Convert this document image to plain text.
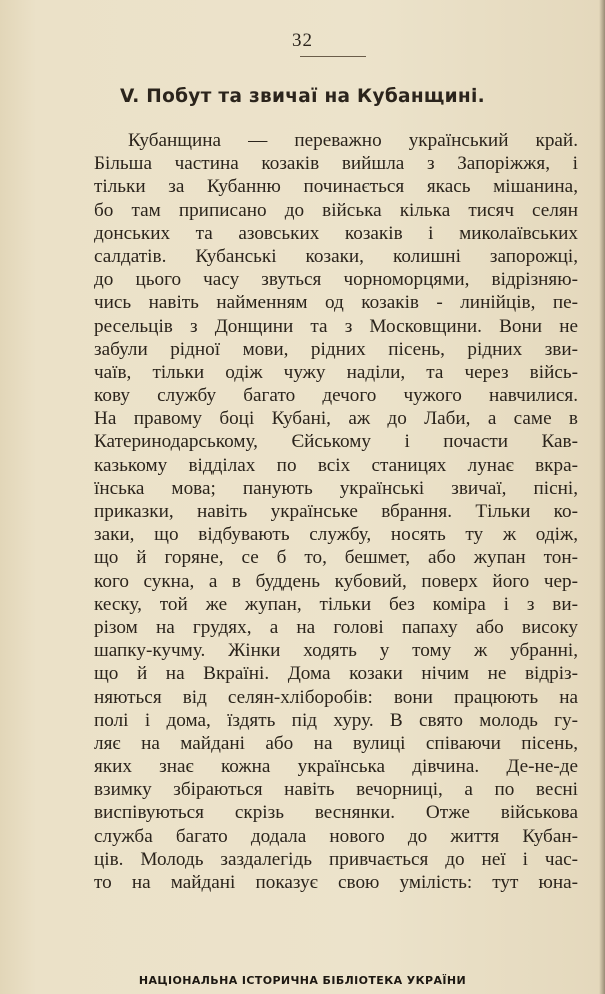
32
V. Побут та звичаї на Кубанщині.
Кубанщина — переважно український край.
Більша частина козаків вийшла з Запоріжжя, і
тільки за Кубанню починається якась мішанина,
бо там приписано до війська кілька тисяч селян
донських та азовських козаків і миколаївських
салдатів. Кубанські козаки, колишні запорожці,
до цього часу звуться чорноморцями, відрізняю-
чись навіть найменням од козаків - линійців, пе-
ресельців з Донщини та з Московщини. Вони не
забули рідної мови, рідних пісень, рідних зви-
чаїв, тільки одіж чужу наділи, та через війсь-
кову службу багато дечого чужого навчилися.
На правому боці Кубані, аж до Лаби, а саме в
Катеринодарському, Єйському і почасти Кав-
казькому відділах по всіх станицях лунає вкра-
їнська мова; панують українські звичаї, пісні,
приказки, навіть українське вбрання. Тільки ко-
заки, що відбувають службу, носять ту ж одіж,
що й горяне, се б то, бешмет, або жупан тон-
кого сукна, а в буддень кубовий, поверх його чер-
кеску, той же жупан, тільки без коміра і з ви-
різом на грудях, а на голові папаху або високу
шапку-кучму. Жінки ходять у тому ж убранні,
що й на Вкраїні. Дома козаки нічим не відріз-
няються від селян-хліборобів: вони працюють на
полі і дома, їздять під хуру. В свято молодь гу-
ляє на майдані або на вулиці співаючи пісень,
яких знає кожна українська дівчина. Де-не-де
взимку збіраються навіть вечорниці, а по весні
виспівуються скрізь веснянки. Отже військова
служба багато додала нового до життя Кубан-
ців. Молодь заздалегідь привчається до неї і час-
то на майдані показує свою умілість: тут юна-
НАЦІОНАЛЬНА ІСТОРИЧНА БІБЛІОТЕКА УКРАЇНИ
